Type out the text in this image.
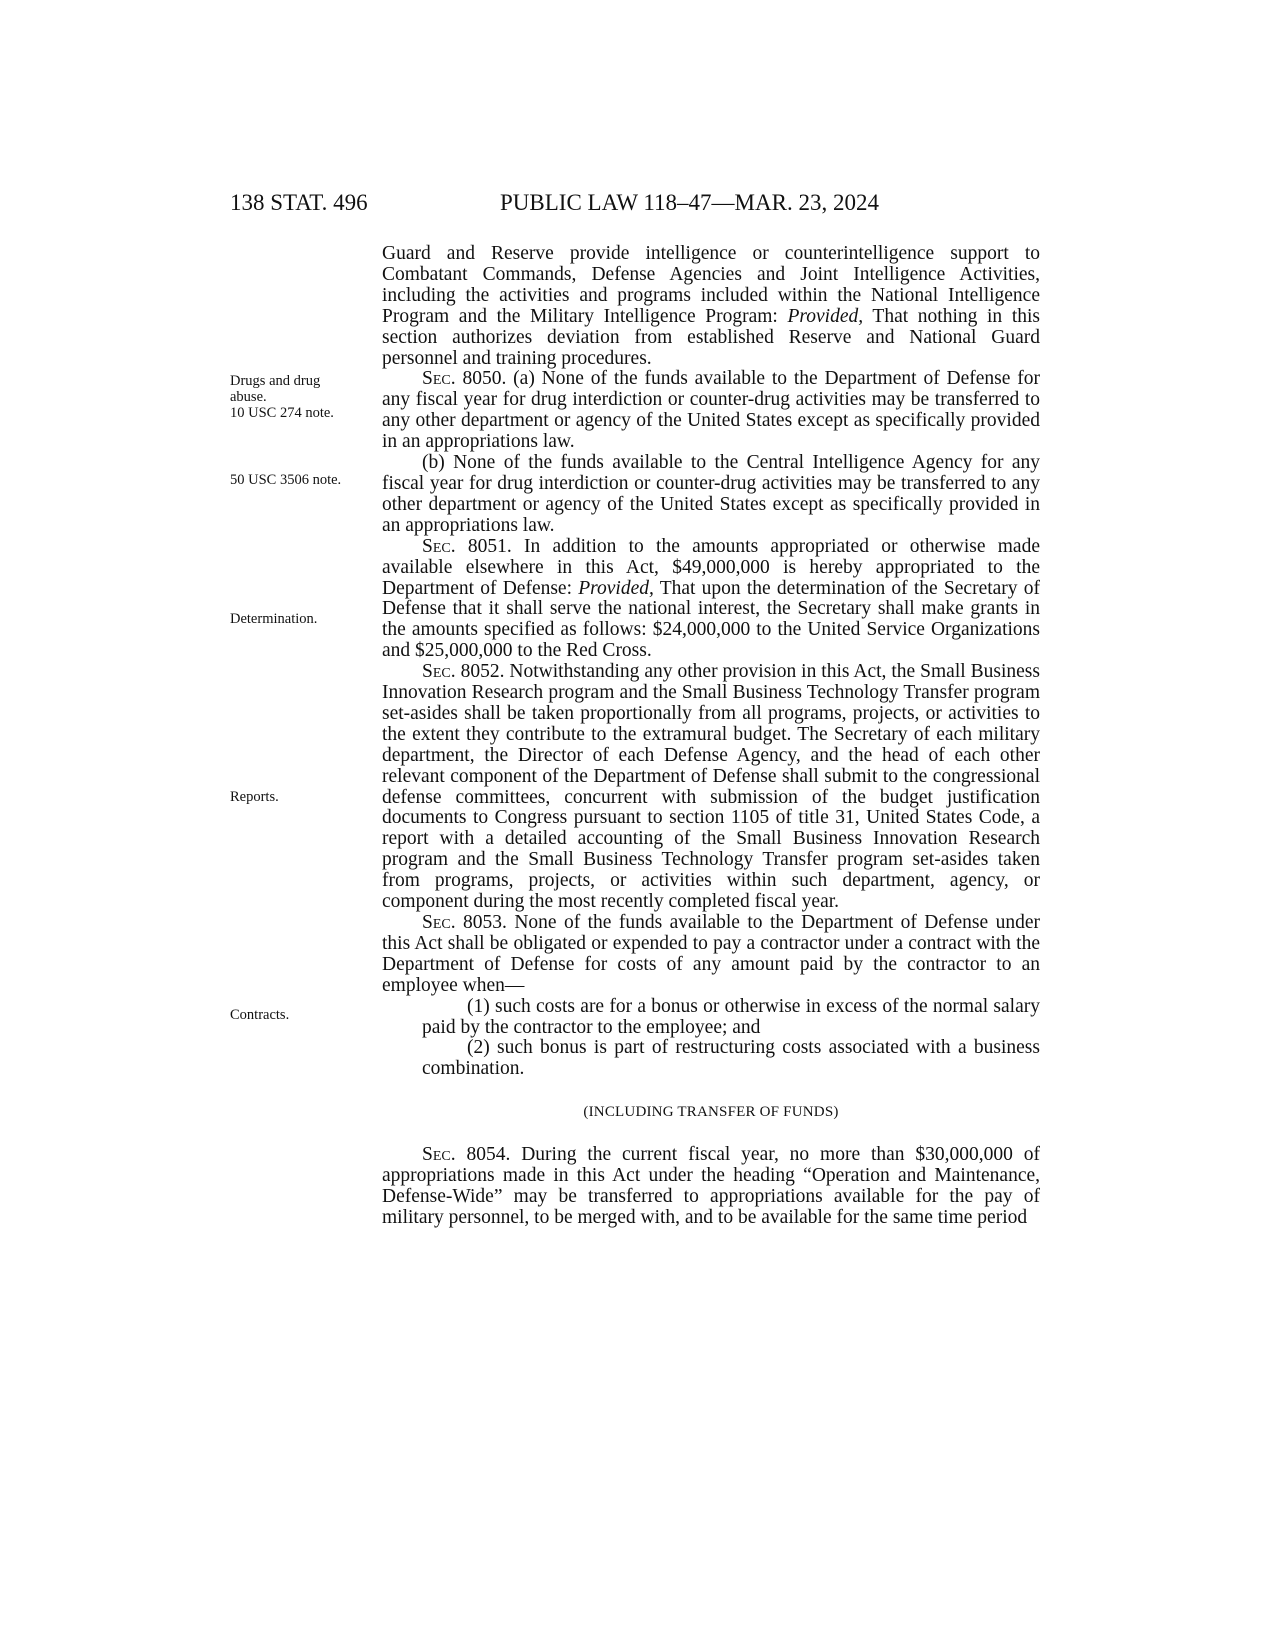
138 STAT. 496	PUBLIC LAW 118–47—MAR. 23, 2024
Drugs and drug abuse.
10 USC 274 note.
50 USC 3506 note.
Determination.
Reports.
Contracts.

Guard and Reserve provide intelligence or counterintelligence support to Combatant Commands, Defense Agencies and Joint Intelligence Activities, including the activities and programs included within the National Intelligence Program and the Military Intelligence Program: Provided, That nothing in this section authorizes deviation from established Reserve and National Guard personnel and training procedures.

Sec. 8050. (a) None of the funds available to the Department of Defense for any fiscal year for drug interdiction or counter-drug activities may be transferred to any other department or agency of the United States except as specifically provided in an appropriations law.

(b) None of the funds available to the Central Intelligence Agency for any fiscal year for drug interdiction or counter-drug activities may be transferred to any other department or agency of the United States except as specifically provided in an appropriations law.

Sec. 8051. In addition to the amounts appropriated or otherwise made available elsewhere in this Act, $49,000,000 is hereby appropriated to the Department of Defense: Provided, That upon the determination of the Secretary of Defense that it shall serve the national interest, the Secretary shall make grants in the amounts specified as follows: $24,000,000 to the United Service Organizations and $25,000,000 to the Red Cross.

Sec. 8052. Notwithstanding any other provision in this Act, the Small Business Innovation Research program and the Small Business Technology Transfer program set-asides shall be taken proportionally from all programs, projects, or activities to the extent they contribute to the extramural budget. The Secretary of each military department, the Director of each Defense Agency, and the head of each other relevant component of the Department of Defense shall submit to the congressional defense committees, concurrent with submission of the budget justification documents to Congress pursuant to section 1105 of title 31, United States Code, a report with a detailed accounting of the Small Business Innovation Research program and the Small Business Technology Transfer program set-asides taken from programs, projects, or activities within such department, agency, or component during the most recently completed fiscal year.

Sec. 8053. None of the funds available to the Department of Defense under this Act shall be obligated or expended to pay a contractor under a contract with the Department of Defense for costs of any amount paid by the contractor to an employee when—

(1) such costs are for a bonus or otherwise in excess of the normal salary paid by the contractor to the employee; and

(2) such bonus is part of restructuring costs associated with a business combination.

(INCLUDING TRANSFER OF FUNDS)

Sec. 8054. During the current fiscal year, no more than $30,000,000 of appropriations made in this Act under the heading “Operation and Maintenance, Defense-Wide” may be transferred to appropriations available for the pay of military personnel, to be merged with, and to be available for the same time period
